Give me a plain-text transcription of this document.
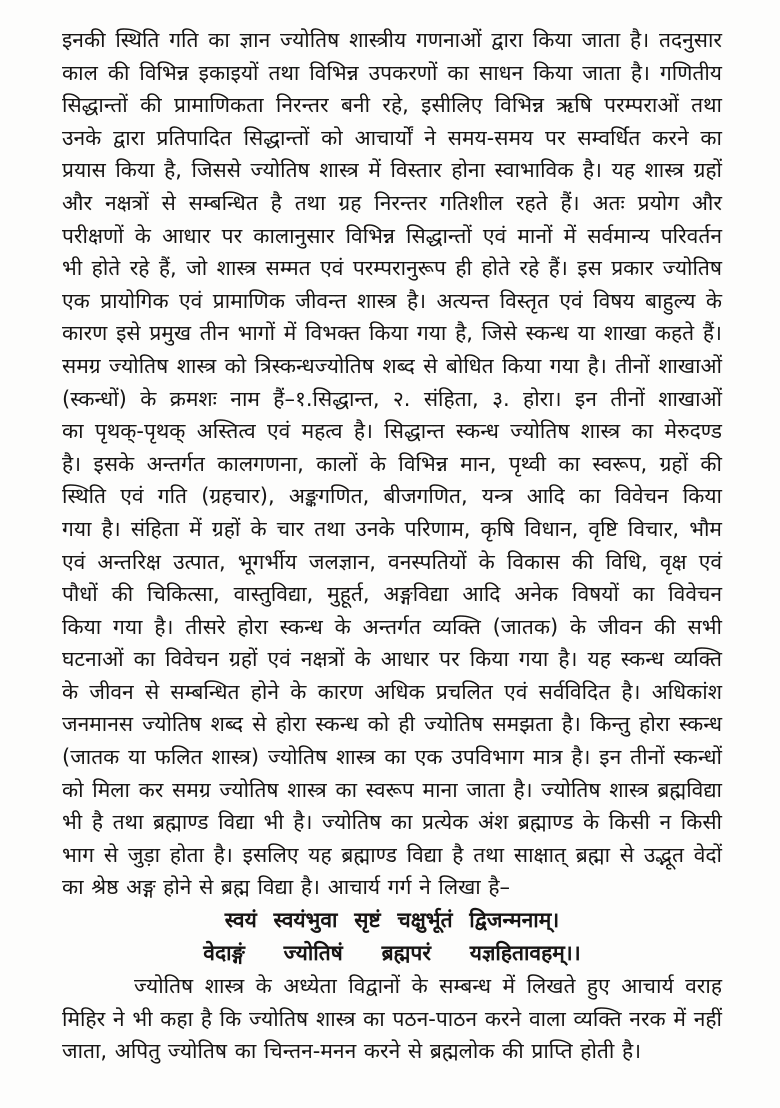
इनकी स्थिति गति का ज्ञान ज्योतिष शास्त्रीय गणनाओं द्वारा किया जाता है। तदनुसार
काल की विभिन्न इकाइयों तथा विभिन्न उपकरणों का साधन किया जाता है। गणितीय
सिद्धान्तों की प्रामाणिकता निरन्तर बनी रहे, इसीलिए विभिन्न ऋषि परम्पराओं तथा
उनके द्वारा प्रतिपादित सिद्धान्तों को आचार्यों ने समय-समय पर सम्वर्धित करने का
प्रयास किया है, जिससे ज्योतिष शास्त्र में विस्तार होना स्वाभाविक है। यह शास्त्र ग्रहों
और नक्षत्रों से सम्बन्धित है तथा ग्रह निरन्तर गतिशील रहते हैं। अतः प्रयोग और
परीक्षणों के आधार पर कालानुसार विभिन्न सिद्धान्तों एवं मानों में सर्वमान्य परिवर्तन
भी होते रहे हैं, जो शास्त्र सम्मत एवं परम्परानुरूप ही होते रहे हैं। इस प्रकार ज्योतिष
एक प्रायोगिक एवं प्रामाणिक जीवन्त शास्त्र है। अत्यन्त विस्तृत एवं विषय बाहुल्य के
कारण इसे प्रमुख तीन भागों में विभक्त किया गया है, जिसे स्कन्ध या शाखा कहते हैं।
समग्र ज्योतिष शास्त्र को त्रिस्कन्धज्योतिष शब्द से बोधित किया गया है। तीनों शाखाओं
(स्कन्धों) के क्रमशः नाम हैं–१.सिद्धान्त, २. संहिता, ३. होरा। इन तीनों शाखाओं
का पृथक्-पृथक् अस्तित्व एवं महत्व है। सिद्धान्त स्कन्ध ज्योतिष शास्त्र का मेरुदण्ड
है। इसके अन्तर्गत कालगणना, कालों के विभिन्न मान, पृथ्वी का स्वरूप, ग्रहों की
स्थिति एवं गति (ग्रहचार), अङ्कगणित, बीजगणित, यन्त्र आदि का विवेचन किया
गया है। संहिता में ग्रहों के चार तथा उनके परिणाम, कृषि विधान, वृष्टि विचार, भौम
एवं अन्तरिक्ष उत्पात, भूगर्भीय जलज्ञान, वनस्पतियों के विकास की विधि, वृक्ष एवं
पौधों की चिकित्सा, वास्तुविद्या, मुहूर्त, अङ्गविद्या आदि अनेक विषयों का विवेचन
किया गया है। तीसरे होरा स्कन्ध के अन्तर्गत व्यक्ति (जातक) के जीवन की सभी
घटनाओं का विवेचन ग्रहों एवं नक्षत्रों के आधार पर किया गया है। यह स्कन्ध व्यक्ति
के जीवन से सम्बन्धित होने के कारण अधिक प्रचलित एवं सर्वविदित है। अधिकांश
जनमानस ज्योतिष शब्द से होरा स्कन्ध को ही ज्योतिष समझता है। किन्तु होरा स्कन्ध
(जातक या फलित शास्त्र) ज्योतिष शास्त्र का एक उपविभाग मात्र है। इन तीनों स्कन्धों
को मिला कर समग्र ज्योतिष शास्त्र का स्वरूप माना जाता है। ज्योतिष शास्त्र ब्रह्मविद्या
भी है तथा ब्रह्माण्ड विद्या भी है। ज्योतिष का प्रत्येक अंश ब्रह्माण्ड के किसी न किसी
भाग से जुड़ा होता है। इसलिए यह ब्रह्माण्ड विद्या है तथा साक्षात् ब्रह्मा से उद्भूत वेदों
का श्रेष्ठ अङ्ग होने से ब्रह्म विद्या है। आचार्य गर्ग ने लिखा है–
स्वयं स्वयंभुवा सृष्टं चक्षुर्भूतं द्विजन्मनाम्।
वेदाङ्गं ज्योतिषं ब्रह्मपरं यज्ञहितावहम्।।
ज्योतिष शास्त्र के अध्येता विद्वानों के सम्बन्ध में लिखते हुए आचार्य वराह
मिहिर ने भी कहा है कि ज्योतिष शास्त्र का पठन-पाठन करने वाला व्यक्ति नरक में नहीं
जाता, अपितु ज्योतिष का चिन्तन-मनन करने से ब्रह्मलोक की प्राप्ति होती है।
